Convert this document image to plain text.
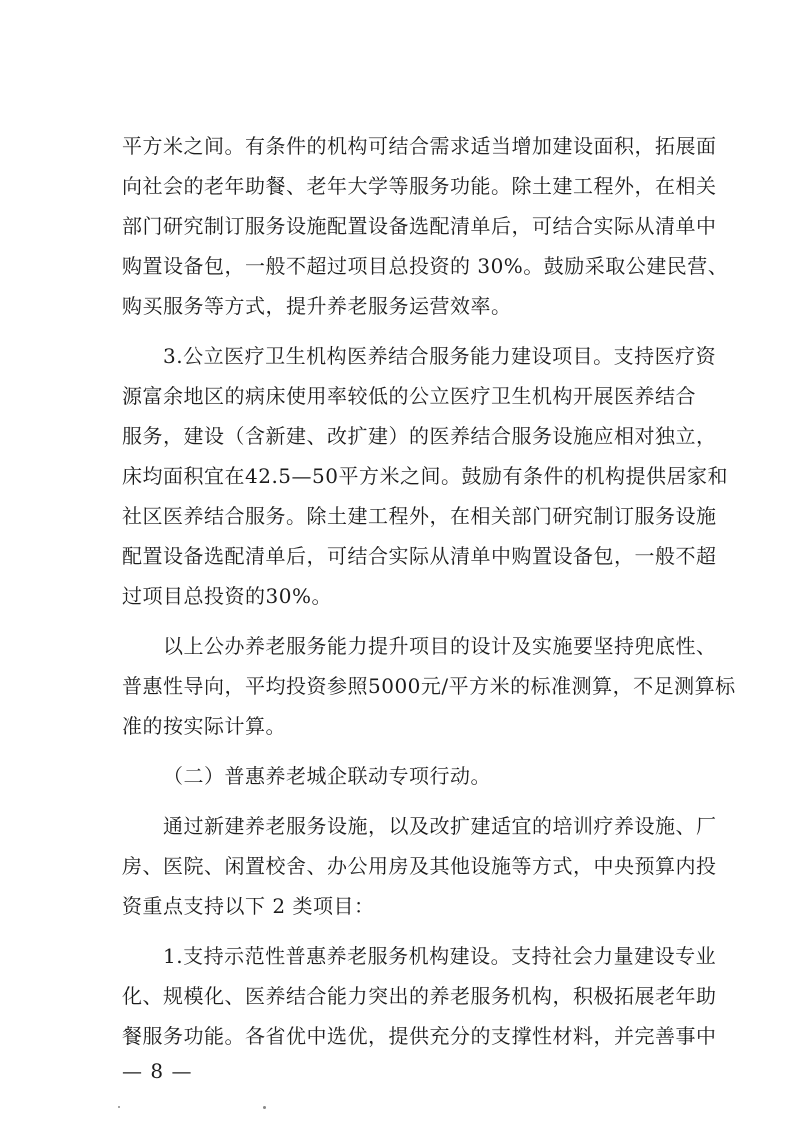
平方米之间。有条件的机构可结合需求适当增加建设面积，拓展面
向社会的老年助餐、老年大学等服务功能。除土建工程外，在相关
部门研究制订服务设施配置设备选配清单后，可结合实际从清单中
购置设备包，一般不超过项目总投资的 30%。鼓励采取公建民营、
购买服务等方式，提升养老服务运营效率。
3.公立医疗卫生机构医养结合服务能力建设项目。支持医疗资
源富余地区的病床使用率较低的公立医疗卫生机构开展医养结合
服务，建设（含新建、改扩建）的医养结合服务设施应相对独立，
床均面积宜在42.5—50平方米之间。鼓励有条件的机构提供居家和
社区医养结合服务。除土建工程外，在相关部门研究制订服务设施
配置设备选配清单后，可结合实际从清单中购置设备包，一般不超
过项目总投资的30%。
以上公办养老服务能力提升项目的设计及实施要坚持兜底性、
普惠性导向，平均投资参照5000元/平方米的标准测算，不足测算标
准的按实际计算。
（二）普惠养老城企联动专项行动。
通过新建养老服务设施，以及改扩建适宜的培训疗养设施、厂
房、医院、闲置校舍、办公用房及其他设施等方式，中央预算内投
资重点支持以下 2 类项目：
1.支持示范性普惠养老服务机构建设。支持社会力量建设专业
化、规模化、医养结合能力突出的养老服务机构，积极拓展老年助
餐服务功能。各省优中选优，提供充分的支撑性材料，并完善事中
— 8 —
